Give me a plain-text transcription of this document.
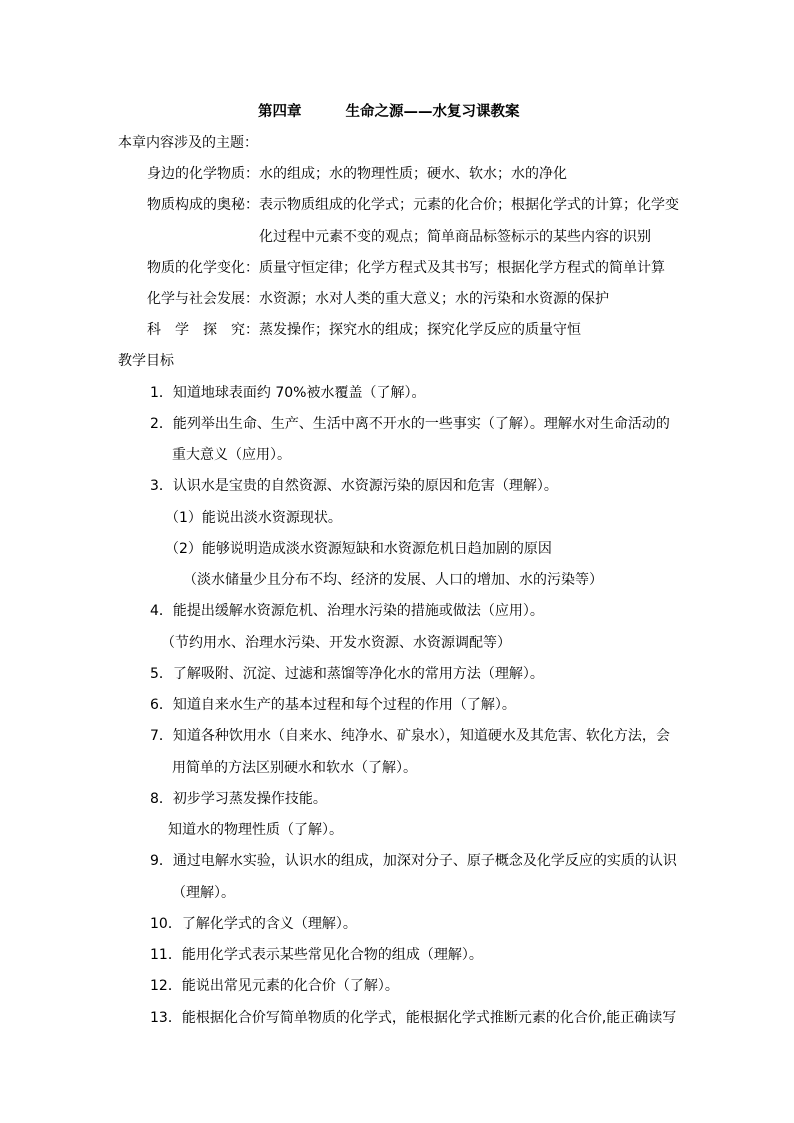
第四章	生命之源——水复习课教案
本章内容涉及的主题：
身边的化学物质：水的组成；水的物理性质；硬水、软水；水的净化
物质构成的奥秘：表示物质组成的化学式；元素的化合价；根据化学式的计算；化学变
化过程中元素不变的观点；简单商品标签标示的某些内容的识别
物质的化学变化：质量守恒定律；化学方程式及其书写；根据化学方程式的简单计算
化学与社会发展：水资源；水对人类的重大意义；水的污染和水资源的保护
科　学　探　究：蒸发操作；探究水的组成；探究化学反应的质量守恒
教学目标
1．知道地球表面约 70%被水覆盖（了解）。
2．能列举出生命、生产、生活中离不开水的一些事实（了解）。理解水对生命活动的
重大意义（应用）。
3．认识水是宝贵的自然资源、水资源污染的原因和危害（理解）。
（1）能说出淡水资源现状。
（2）能够说明造成淡水资源短缺和水资源危机日趋加剧的原因
（淡水储量少且分布不均、经济的发展、人口的增加、水的污染等）
4．能提出缓解水资源危机、治理水污染的措施或做法（应用）。
（节约用水、治理水污染、开发水资源、水资源调配等）
5．了解吸附、沉淀、过滤和蒸馏等净化水的常用方法（理解）。
6．知道自来水生产的基本过程和每个过程的作用（了解）。
7．知道各种饮用水（自来水、纯净水、矿泉水），知道硬水及其危害、软化方法，会
用简单的方法区别硬水和软水（了解）。
8．初步学习蒸发操作技能。
知道水的物理性质（了解）。
9．通过电解水实验，认识水的组成，加深对分子、原子概念及化学反应的实质的认识
（理解）。
10．了解化学式的含义（理解）。
11．能用化学式表示某些常见化合物的组成（理解）。
12．能说出常见元素的化合价（了解）。
13．能根据化合价写简单物质的化学式，能根据化学式推断元素的化合价,能正确读写
